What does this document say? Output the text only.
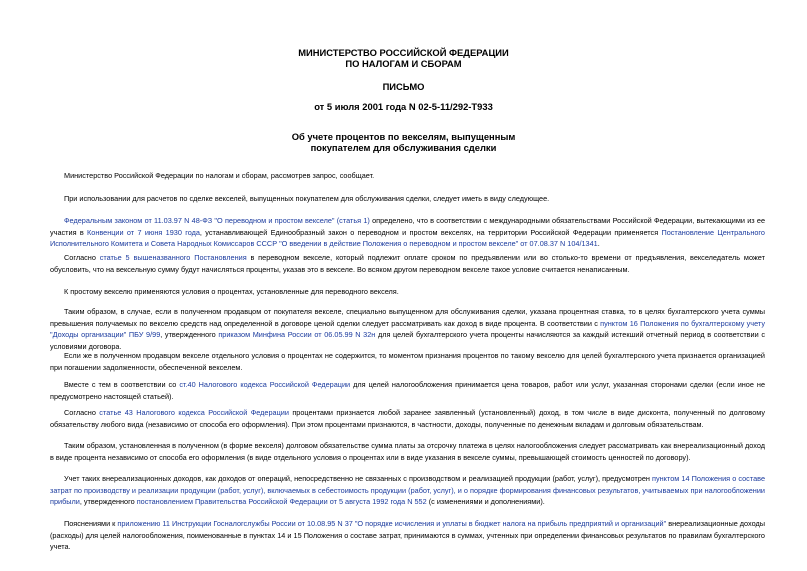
МИНИСТЕРСТВО РОССИЙСКОЙ ФЕДЕРАЦИИ
ПО НАЛОГАМ И СБОРАМ
ПИСЬМО
от 5 июля 2001 года N 02-5-11/292-Т933
Об учете процентов по векселям, выпущенным
покупателем для обслуживания сделки
Министерство Российской Федерации по налогам и сборам, рассмотрев запрос, сообщает.
При использовании для расчетов по сделке векселей, выпущенных покупателем для обслуживания сделки, следует иметь в виду следующее.
Федеральным законом от 11.03.97 N 48-ФЗ "О переводном и простом векселе" (статья 1) определено, что в соответствии с международными обязательствами Российской Федерации, вытекающими из ее участия в Конвенции от 7 июня 1930 года, устанавливающей Единообразный закон о переводном и простом векселях, на территории Российской Федерации применяется Постановление Центрального Исполнительного Комитета и Совета Народных Комиссаров СССР "О введении в действие Положения о переводном и простом векселе" от 07.08.37 N 104/1341.
Согласно статье 5 вышеназванного Постановления в переводном векселе, который подлежит оплате сроком по предъявлении или во столько-то времени от предъявления, векселедатель может обусловить, что на вексельную сумму будут начисляться проценты, указав это в векселе. Во всяком другом переводном векселе такое условие считается ненаписанным.
К простому векселю применяются условия о процентах, установленные для переводного векселя.
Таким образом, в случае, если в полученном продавцом от покупателя векселе, специально выпущенном для обслуживания сделки, указана процентная ставка, то в целях бухгалтерского учета суммы превышения получаемых по векселю средств над определенной в договоре ценой сделки следует рассматривать как доход в виде процента. В соответствии с пунктом 16 Положения по бухгалтерскому учету "Доходы организации" ПБУ 9/99, утвержденного приказом Минфина России от 06.05.99 N 32н для целей бухгалтерского учета проценты начисляются за каждый истекший отчетный период в соответствии с условиями договора.
Если же в полученном продавцом векселе отдельного условия о процентах не содержится, то моментом признания процентов по такому векселю для целей бухгалтерского учета признается организацией при погашении задолженности, обеспеченной векселем.
Вместе с тем в соответствии со ст.40 Налогового кодекса Российской Федерации для целей налогообложения принимается цена товаров, работ или услуг, указанная сторонами сделки (если иное не предусмотрено настоящей статьей).
Согласно статье 43 Налогового кодекса Российской Федерации процентами признается любой заранее заявленный (установленный) доход, в том числе в виде дисконта, полученный по долговому обязательству любого вида (независимо от способа его оформления). При этом процентами признаются, в частности, доходы, полученные по денежным вкладам и долговым обязательствам.
Таким образом, установленная в полученном (в форме векселя) долговом обязательстве сумма платы за отсрочку платежа в целях налогообложения следует рассматривать как внереализационный доход в виде процента независимо от способа его оформления (в виде отдельного условия о процентах или в виде указания в векселе суммы, превышающей стоимость ценностей по договору).
Учет таких внереализационных доходов, как доходов от операций, непосредственно не связанных с производством и реализацией продукции (работ, услуг), предусмотрен пунктом 14 Положения о составе затрат по производству и реализации продукции (работ, услуг), включаемых в себестоимость продукции (работ, услуг), и о порядке формирования финансовых результатов, учитываемых при налогообложении прибыли, утвержденного постановлением Правительства Российской Федерации от 5 августа 1992 года N 552 (с изменениями и дополнениями).
Пояснениями к приложению 11 Инструкции Госналогслужбы России от 10.08.95 N 37 "О порядке исчисления и уплаты в бюджет налога на прибыль предприятий и организаций" внереализационные доходы (расходы) для целей налогообложения, поименованные в пунктах 14 и 15 Положения о составе затрат, принимаются в суммах, учтенных при определении финансовых результатов по правилам бухгалтерского учета.
